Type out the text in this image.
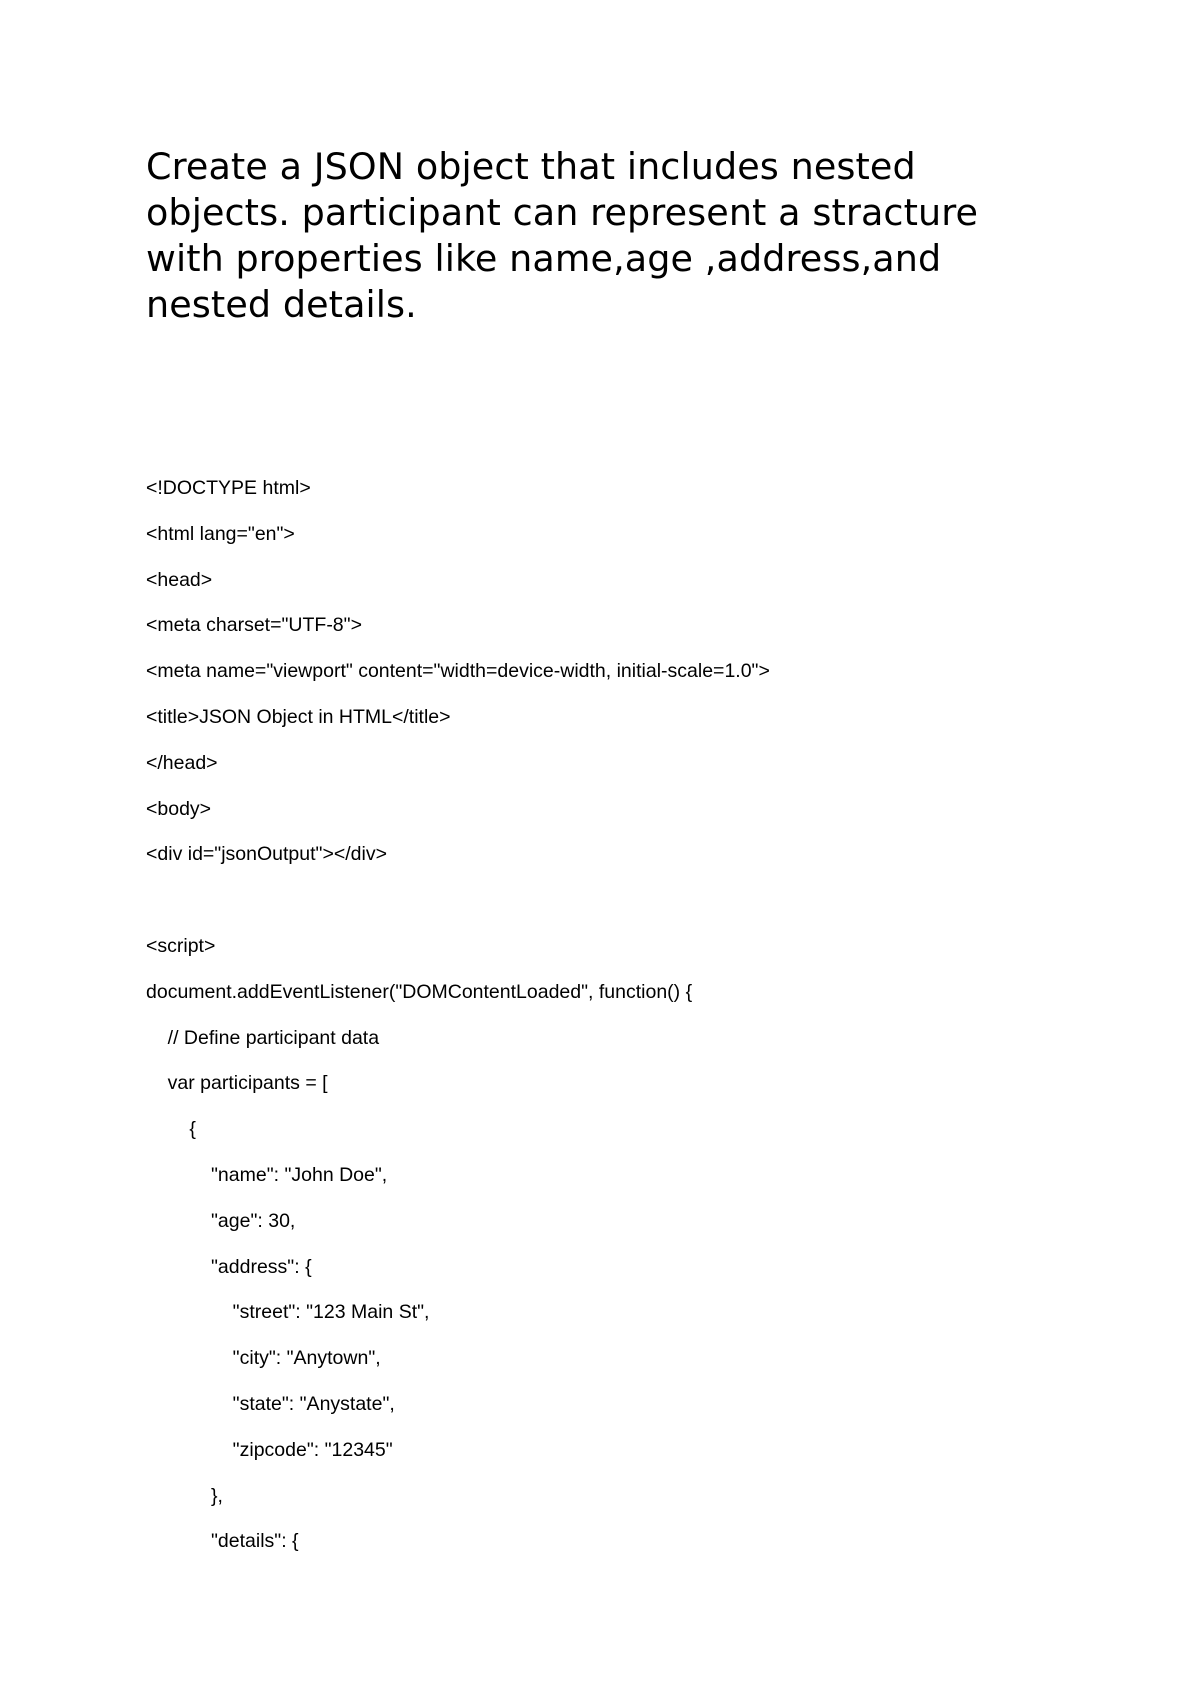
Create a JSON object that includes nested
objects. participant can represent a stracture
with properties like name,age ,address,and
nested details.
<!DOCTYPE html>
<html lang="en">
<head>
<meta charset="UTF-8">
<meta name="viewport" content="width=device-width, initial-scale=1.0">
<title>JSON Object in HTML</title>
</head>
<body>
<div id="jsonOutput"></div>
<script>
document.addEventListener("DOMContentLoaded", function() {
// Define participant data
var participants = [
{
"name": "John Doe",
"age": 30,
"address": {
"street": "123 Main St",
"city": "Anytown",
"state": "Anystate",
"zipcode": "12345"
},
"details": {
